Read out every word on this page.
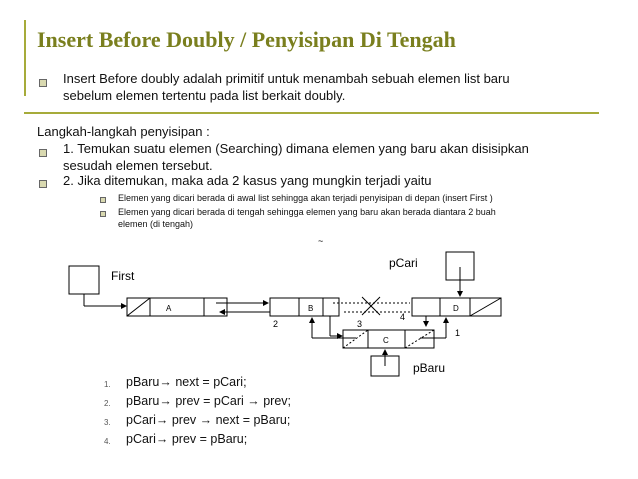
Insert Before Doubly / Penyisipan Di Tengah
Insert Before doubly adalah primitif untuk menambah sebuah elemen list baru
sebelum elemen tertentu pada list berkait doubly.
Langkah-langkah penyisipan :
1. Temukan suatu elemen (Searching) dimana elemen yang baru akan disisipkan
sesudah elemen tersebut.
2. Jika ditemukan, maka ada 2 kasus yang mungkin terjadi yaitu
Elemen yang dicari berada di awal list sehingga akan terjadi penyisipan di depan (insert First )
Elemen yang dicari berada di tengah sehingga elemen yang baru akan berada diantara 2 buah
elemen (di tengah)
~
First
A	B
2
pCari
D
4
C
3
1
pBaru
1. pBaru→ next = pCari;
2. pBaru→ prev = pCari → prev;
3. pCari→ prev → next = pBaru;
4. pCari→ prev = pBaru;
